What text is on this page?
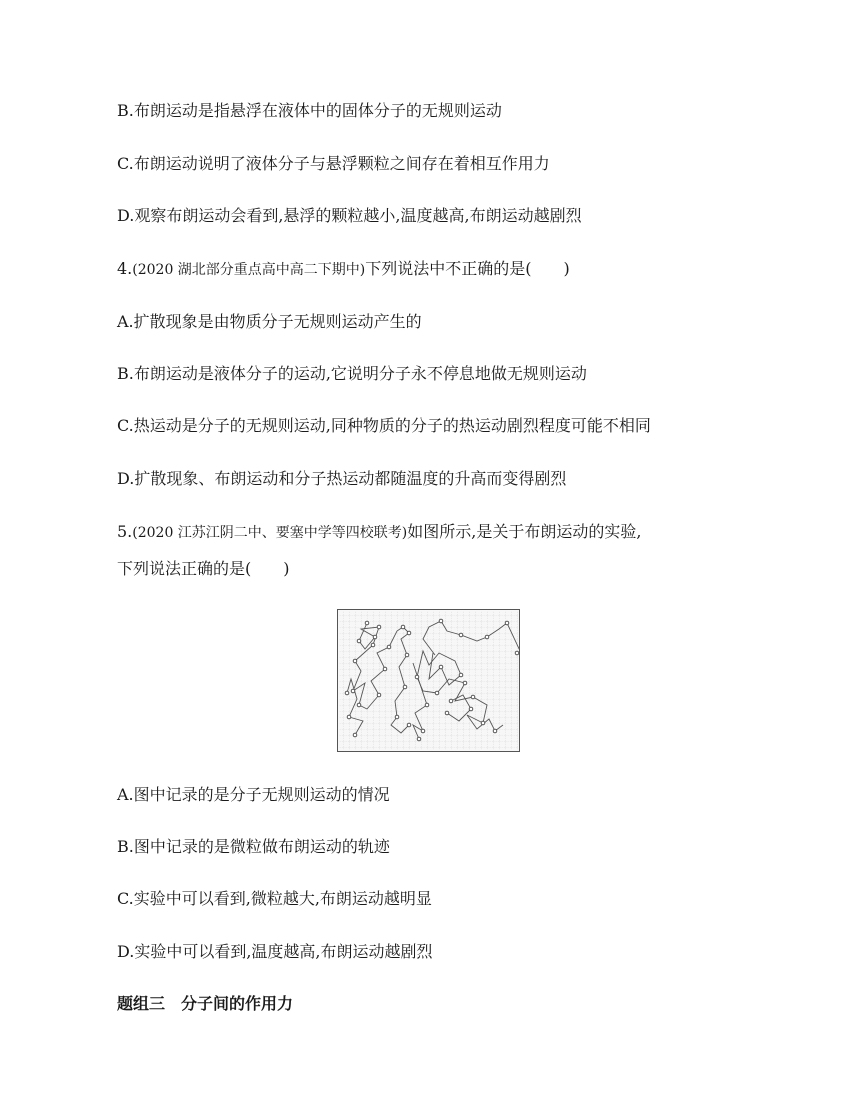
B.布朗运动是指悬浮在液体中的固体分子的无规则运动
C.布朗运动说明了液体分子与悬浮颗粒之间存在着相互作用力
D.观察布朗运动会看到,悬浮的颗粒越小,温度越高,布朗运动越剧烈
4.(2020 湖北部分重点高中高二下期中)下列说法中不正确的是(　　)
A.扩散现象是由物质分子无规则运动产生的
B.布朗运动是液体分子的运动,它说明分子永不停息地做无规则运动
C.热运动是分子的无规则运动,同种物质的分子的热运动剧烈程度可能不相同
D.扩散现象、布朗运动和分子热运动都随温度的升高而变得剧烈
5.(2020 江苏江阴二中、要塞中学等四校联考)如图所示,是关于布朗运动的实验,
下列说法正确的是(　　)
A.图中记录的是分子无规则运动的情况
B.图中记录的是微粒做布朗运动的轨迹
C.实验中可以看到,微粒越大,布朗运动越明显
D.实验中可以看到,温度越高,布朗运动越剧烈
题组三　分子间的作用力
